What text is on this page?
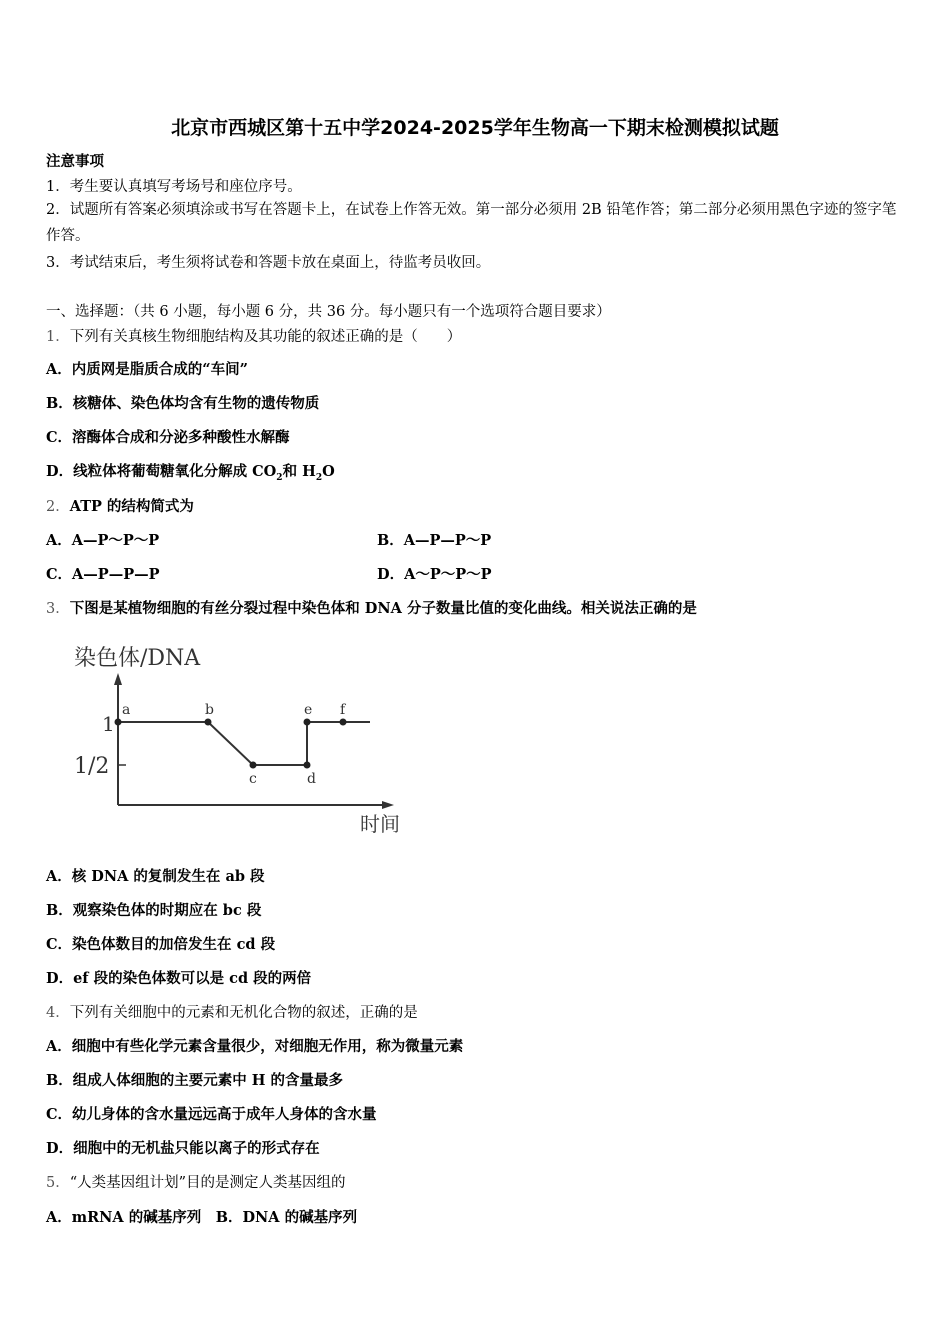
北京市西城区第十五中学2024-2025学年生物高一下期末检测模拟试题
注意事项
1．考生要认真填写考场号和座位序号。
2．试题所有答案必须填涂或书写在答题卡上，在试卷上作答无效。第一部分必须用 2B 铅笔作答；第二部分必须用黑色字迹的签字笔作答。
3．考试结束后，考生须将试卷和答题卡放在桌面上，待监考员收回。
一、选择题：（共 6 小题，每小题 6 分，共 36 分。每小题只有一个选项符合题目要求）
1．下列有关真核生物细胞结构及其功能的叙述正确的是（　　）
A．内质网是脂质合成的“车间”
B．核糖体、染色体均含有生物的遗传物质
C．溶酶体合成和分泌多种酸性水解酶
D．线粒体将葡萄糖氧化分解成 $CO_2$和 $H_2O$
2．ATP 的结构简式为
A．A—P～P～P	B．A—P—P～P
C．A—P—P—P	D．A～P～P～P
3．下图是某植物细胞的有丝分裂过程中染色体和 DNA 分子数量比值的变化曲线。相关说法正确的是
染色体/DNA
1
1/2
时间
a	b
c	d
e f
A．核 DNA 的复制发生在 ab 段
B．观察染色体的时期应在 bc 段
C．染色体数目的加倍发生在 cd 段
D．ef 段的染色体数可以是 cd 段的两倍
4．下列有关细胞中的元素和无机化合物的叙述，正确的是
A．细胞中有些化学元素含量很少，对细胞无作用，称为微量元素
B．组成人体细胞的主要元素中 H 的含量最多
C．幼儿身体的含水量远远高于成年人身体的含水量
D．细胞中的无机盐只能以离子的形式存在
5．“人类基因组计划”目的是测定人类基因组的
A．mRNA 的碱基序列　B．DNA 的碱基序列
